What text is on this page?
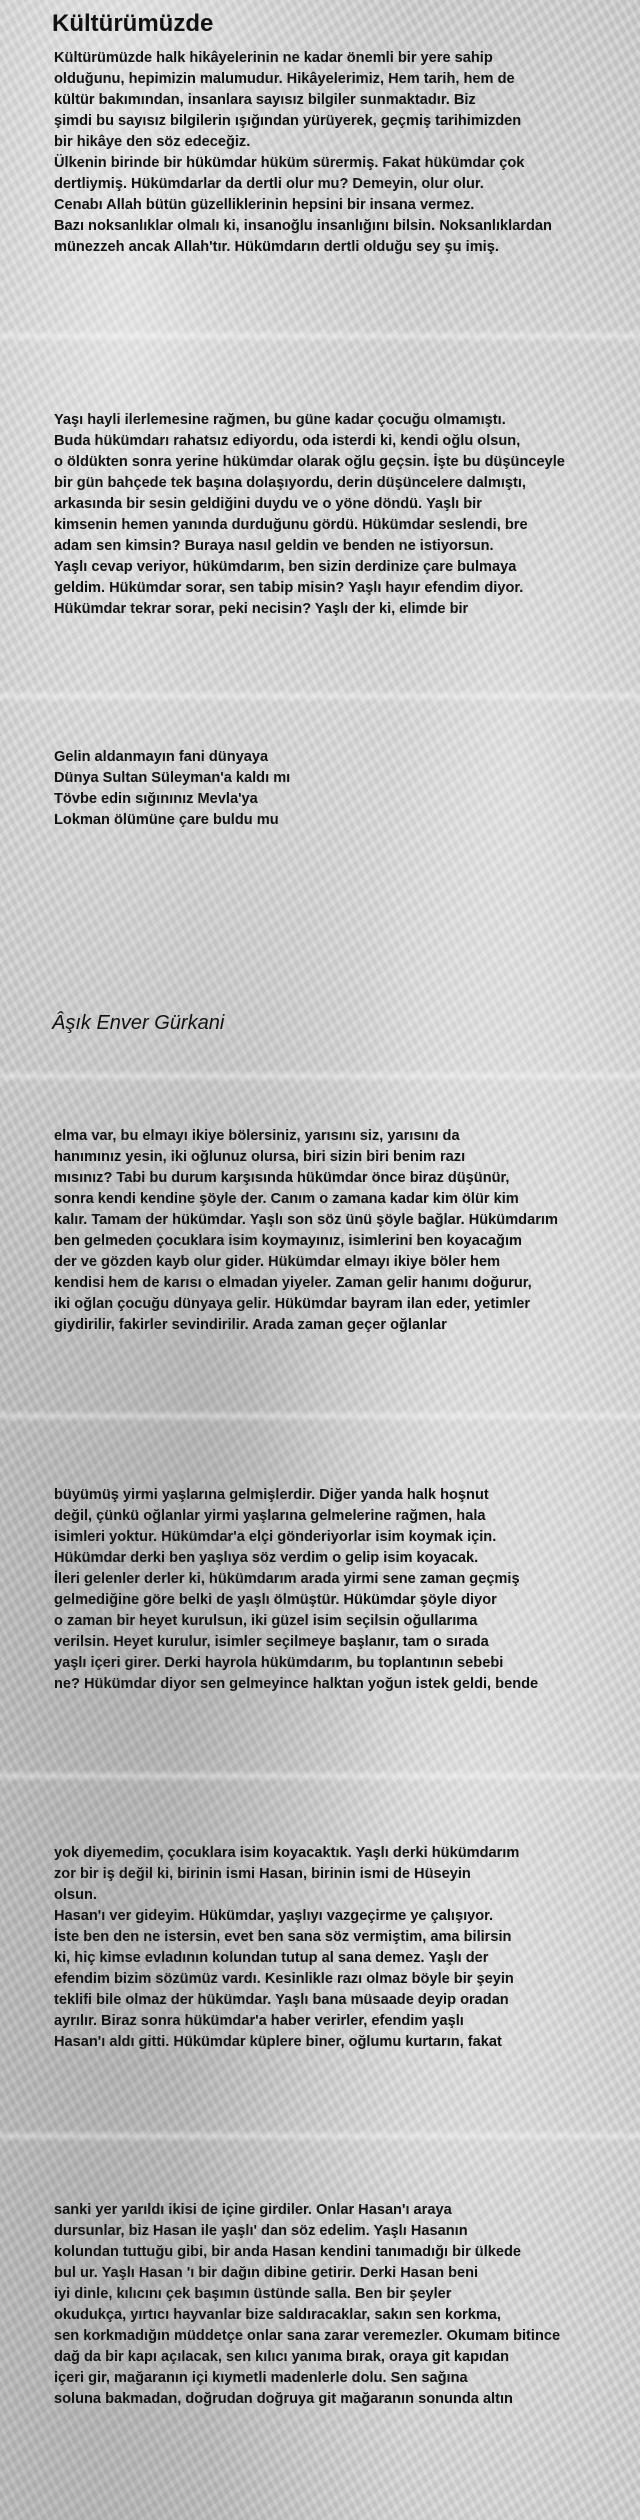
Kültürümüzde
Kültürümüzde halk hikâyelerinin ne kadar önemli bir yere sahip
olduğunu, hepimizin malumudur. Hikâyelerimiz, Hem tarih, hem de
kültür bakımından, insanlara sayısız bilgiler sunmaktadır. Biz
şimdi bu sayısız bilgilerin ışığından yürüyerek, geçmiş tarihimizden
bir hikâye den söz edeceğiz.
Ülkenin birinde bir hükümdar hüküm sürermiş. Fakat hükümdar çok
dertliymiş. Hükümdarlar da dertli olur mu? Demeyin, olur olur.
Cenabı Allah bütün güzelliklerinin hepsini bir insana vermez.
Bazı noksanlıklar olmalı ki, insanoğlu insanlığını bilsin. Noksanlıklardan
münezzeh ancak Allah'tır. Hükümdarın dertli olduğu sey şu imiş.
Yaşı hayli ilerlemesine rağmen, bu güne kadar çocuğu olmamıştı.
Buda hükümdarı rahatsız ediyordu, oda isterdi ki, kendi oğlu olsun,
o öldükten sonra yerine hükümdar olarak oğlu geçsin. İşte bu düşünceyle
bir gün bahçede tek başına dolaşıyordu, derin düşüncelere dalmıştı,
arkasında bir sesin geldiğini duydu ve o yöne döndü. Yaşlı bir
kimsenin hemen yanında durduğunu gördü. Hükümdar seslendi, bre
adam sen kimsin? Buraya nasıl geldin ve benden ne istiyorsun.
Yaşlı cevap veriyor, hükümdarım, ben sizin derdinize çare bulmaya
geldim. Hükümdar sorar, sen tabip misin? Yaşlı hayır efendim diyor.
Hükümdar tekrar sorar, peki necisin? Yaşlı der ki, elimde bir
Gelin aldanmayın fani dünyaya
Dünya Sultan Süleyman'a kaldı mı
Tövbe edin sığınınız Mevla'ya
Lokman ölümüne çare buldu mu
Âşık Enver Gürkani
elma var, bu elmayı ikiye bölersiniz, yarısını siz, yarısını da
hanımınız yesin, iki oğlunuz olursa, biri sizin biri benim razı
mısınız? Tabi bu durum karşısında hükümdar önce biraz düşünür,
sonra kendi kendine şöyle der. Canım o zamana kadar kim ölür kim
kalır. Tamam der hükümdar. Yaşlı son söz ünü şöyle bağlar. Hükümdarım
ben gelmeden çocuklara isim koymayınız, isimlerini ben koyacağım
der ve gözden kayb olur gider. Hükümdar elmayı ikiye böler hem
kendisi hem de karısı o elmadan yiyeler. Zaman gelir hanımı doğurur,
iki oğlan çocuğu dünyaya gelir. Hükümdar bayram ilan eder, yetimler
giydirilir, fakirler sevindirilir. Arada zaman geçer oğlanlar
büyümüş yirmi yaşlarına gelmişlerdir. Diğer yanda halk hoşnut
değil, çünkü oğlanlar yirmi yaşlarına gelmelerine rağmen, hala
isimleri yoktur. Hükümdar'a elçi gönderiyorlar isim koymak için.
Hükümdar derki ben yaşlıya söz verdim o gelip isim koyacak.
İleri gelenler derler ki, hükümdarım arada yirmi sene zaman geçmiş
gelmediğine göre belki de yaşlı ölmüştür. Hükümdar şöyle diyor
o zaman bir heyet kurulsun, iki güzel isim seçilsin oğullarıma
verilsin. Heyet kurulur, isimler seçilmeye başlanır, tam o sırada
yaşlı içeri girer. Derki hayrola hükümdarım, bu toplantının sebebi
ne? Hükümdar diyor sen gelmeyince halktan yoğun istek geldi, bende
yok diyemedim, çocuklara isim koyacaktık. Yaşlı derki hükümdarım
zor bir iş değil ki, birinin ismi Hasan, birinin ismi de Hüseyin
olsun.
Hasan'ı ver gideyim. Hükümdar, yaşlıyı vazgeçirme ye çalışıyor.
İste ben den ne istersin, evet ben sana söz vermiştim, ama bilirsin
ki, hiç kimse evladının kolundan tutup al sana demez. Yaşlı der
efendim bizim sözümüz vardı. Kesinlikle razı olmaz böyle bir şeyin
teklifi bile olmaz der hükümdar. Yaşlı bana müsaade deyip oradan
ayrılır. Biraz sonra hükümdar'a haber verirler, efendim yaşlı
Hasan'ı aldı gitti. Hükümdar küplere biner, oğlumu kurtarın, fakat
sanki yer yarıldı ikisi de içine girdiler. Onlar Hasan'ı araya
dursunlar, biz Hasan ile yaşlı' dan söz edelim. Yaşlı Hasanın
kolundan tuttuğu gibi, bir anda Hasan kendini tanımadığı bir ülkede
bul ur. Yaşlı Hasan 'ı bir dağın dibine getirir. Derki Hasan beni
iyi dinle, kılıcını çek başımın üstünde salla. Ben bir şeyler
okudukça, yırtıcı hayvanlar bize saldıracaklar, sakın sen korkma,
sen korkmadığın müddetçe onlar sana zarar veremezler. Okumam bitince
dağ da bir kapı açılacak, sen kılıcı yanıma bırak, oraya git kapıdan
içeri gir, mağaranın içi kıymetli madenlerle dolu. Sen sağına
soluna bakmadan, doğrudan doğruya git mağaranın sonunda altın
